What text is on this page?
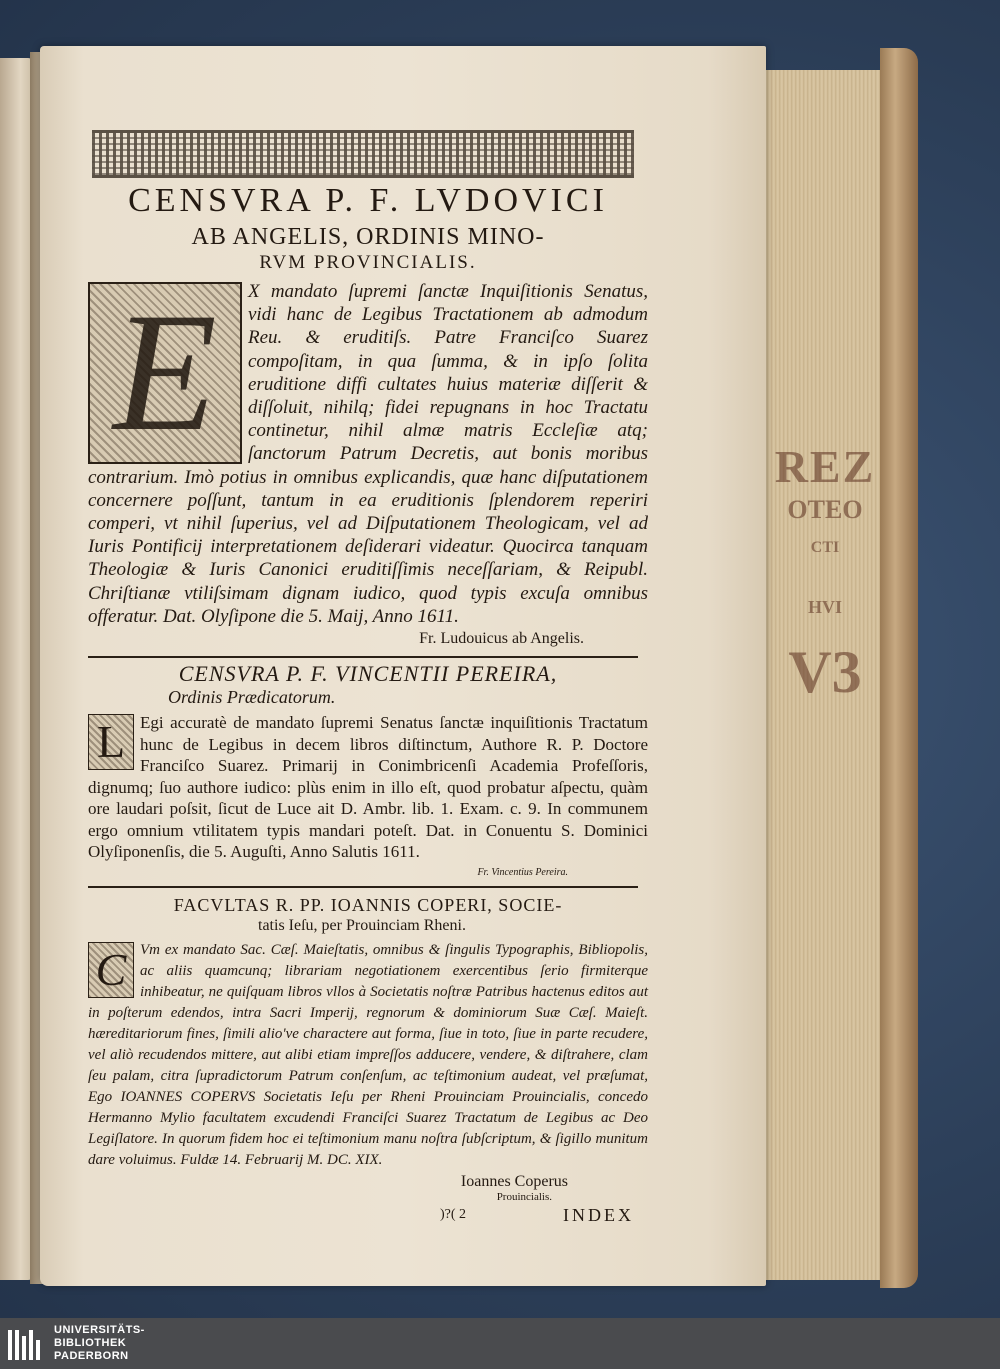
REZ
OTEO
CTI
HVI
V3
CENSVRA P. F. LVDOVICI
AB ANGELIS, ORDINIS MINO-
RVM PROVINCIALIS.
E	X mandato ſupremi ſanctæ Inquiſitionis Senatus, vidi hanc de Legibus Tractationem ab admodum Reu. & eruditiſs. Patre Franciſco Suarez compoſitam, in qua ſumma, & in ipſo ſolita eruditione diffi cultates huius materiæ diſſerit & diſſoluit, nihilq; fidei repugnans in hoc Tractatu continetur, nihil almæ matris Eccleſiæ atq; ſanctorum Patrum Decretis, aut bonis moribus contrarium. Imò potius in omnibus explicandis, quæ hanc diſputationem concernere poſſunt, tantum in ea eruditionis ſplendorem reperiri comperi, vt nihil ſuperius, vel ad Diſputationem Theologicam, vel ad Iuris Pontificij interpretationem deſiderari videatur. Quocirca tanquam Theologiæ & Iuris Canonici eruditiſſimis neceſſariam, & Reipubl. Chriſtianæ vtiliſsimam dignam iudico, quod typis excuſa omnibus offeratur. Dat. Olyſipone die 5. Maij, Anno 1611.
Fr. Ludouicus ab Angelis.
CENSVRA P. F. VINCENTII PEREIRA,
Ordinis Prædicatorum.
L Egi accuratè de mandato ſupremi Senatus ſanctæ inquiſitionis Tractatum hunc de Legibus in decem libros diſtinctum, Authore R. P. Doctore Franciſco Suarez. Primarij in Conimbricenſi Academia Profeſſoris, dignumq; ſuo authore iudico: plùs enim in illo eſt, quod probatur aſpectu, quàm ore laudari poſsit, ſicut de Luce ait D. Ambr. lib. 1. Exam. c. 9. In communem ergo omnium vtilitatem typis mandari poteſt. Dat. in Conuentu S. Dominici Olyſiponenſis, die 5. Auguſti, Anno Salutis 1611.
Fr. Vincentius Pereira.
FACVLTAS R. PP. IOANNIS COPERI, SOCIE-
tatis Ieſu, per Prouinciam Rheni.
C Vm ex mandato Sac. Cæſ. Maieſtatis, omnibus & ſingulis Typographis, Bibliopolis, ac aliis quamcunq; librariam negotiationem exercentibus ſerio firmiterque inhibeatur, ne quiſquam libros vllos à Societatis noſtræ Patribus hactenus editos aut in poſterum edendos, intra Sacri Imperij, regnorum & dominiorum Suæ Cæſ. Maieſt. hæreditariorum fines, ſimili alio've charactere aut forma, ſiue in toto, ſiue in parte recudere, vel aliò recudendos mittere, aut alibi etiam impreſſos adducere, vendere, & diſtrahere, clam ſeu palam, citra ſupradictorum Patrum conſenſum, ac teſtimonium audeat, vel præſumat, Ego IOANNES COPERVS Societatis Ieſu per Rheni Prouinciam Prouincialis, concedo Hermanno Mylio facultatem excudendi Franciſci Suarez Tractatum de Legibus ac Deo Legiſlatore. In quorum fidem hoc ei teſtimonium manu noſtra ſubſcriptum, & ſigillo munitum dare voluimus. Fuldæ 14. Februarij M. DC. XIX.
Ioannes Coperus
Prouincialis.
)?( 2	INDEX
UNIVERSITÄTS-
BIBLIOTHEK
PADERBORN
